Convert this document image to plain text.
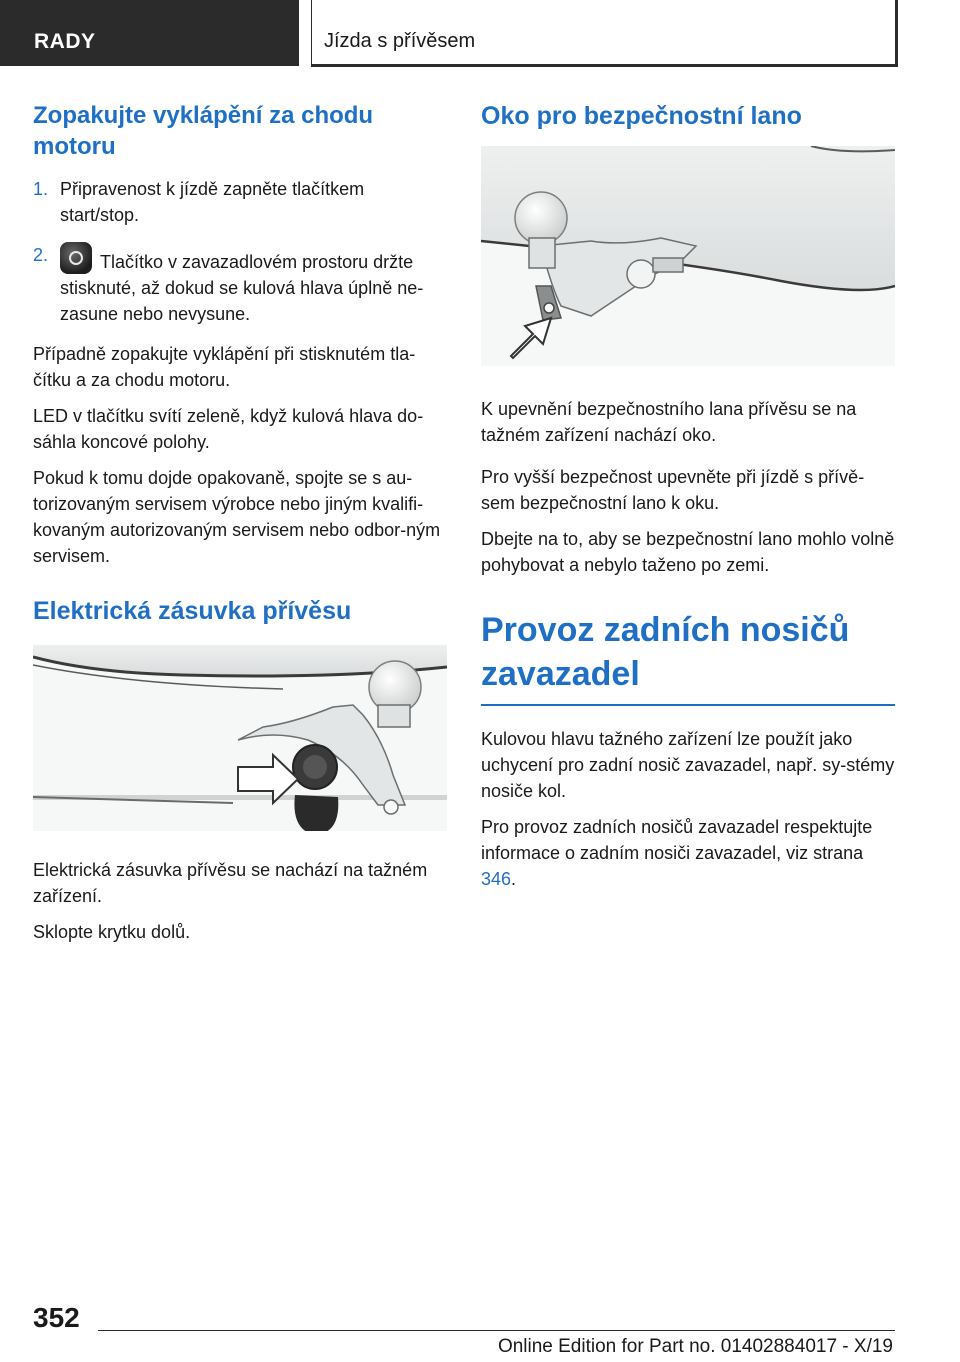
RADY	Jízda s přívěsem
Zopakujte vyklápění za chodu motoru
1. Připravenost k jízdě zapněte tlačítkem start/stop.
2.	Tlačítko v zavazadlovém prostoru držte stisknuté, až dokud se kulová hlava úplně ne‐zasune nebo nevysune.

Případně zopakujte vyklápění při stisknutém tla‐čítku a za chodu motoru.

LED v tlačítku svítí zeleně, když kulová hlava do‐sáhla koncové polohy.

Pokud k tomu dojde opakovaně, spojte se s au‐torizovaným servisem výrobce nebo jiným kvalifi‐kovaným autorizovaným servisem nebo odbor‐ným servisem.

Elektrická zásuvka přívěsu

Elektrická zásuvka přívěsu se nachází na tažném zařízení.

Sklopte krytku dolů.

Oko pro bezpečnostní lano

K upevnění bezpečnostního lana přívěsu se na tažném zařízení nachází oko.

Pro vyšší bezpečnost upevněte při jízdě s přívě‐sem bezpečnostní lano k oku.

Dbejte na to, aby se bezpečnostní lano mohlo volně pohybovat a nebylo taženo po zemi.

Provoz zadních nosičů zavazadel

Kulovou hlavu tažného zařízení lze použít jako uchycení pro zadní nosič zavazadel, např. sy‐stémy nosiče kol.

Pro provoz zadních nosičů zavazadel respektujte informace o zadním nosiči zavazadel, viz strana 346.

352
Online Edition for Part no. 01402884017 - X/19
